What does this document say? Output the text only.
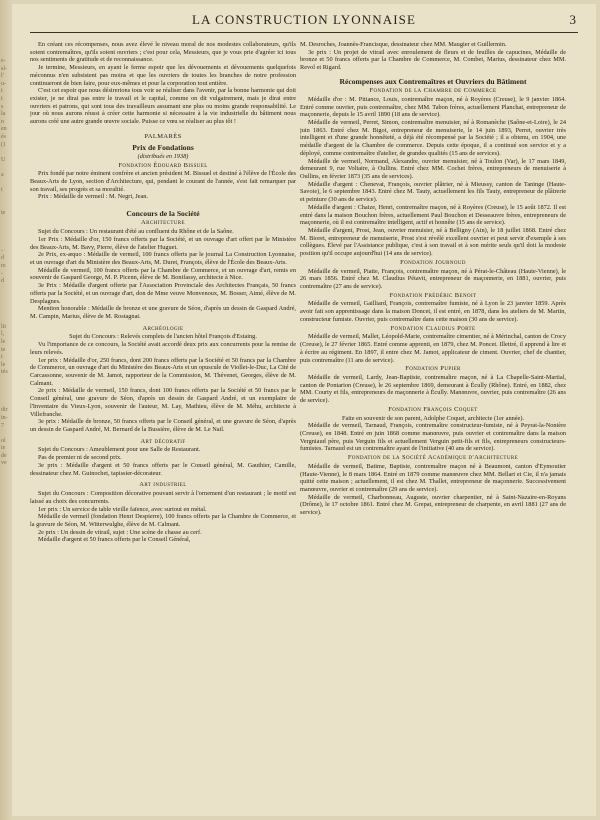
e-
sl-
l'
u-
t
t
s
la
n
en
és
(1

U

a

t

te

-
d
re
-
d

lit
l,
le
te
t
le
tés

dir
in-
7

ol
ie
de
ve
LA CONSTRUCTION LYONNAISE	3

En créant ces récompenses, nous avez élevé le niveau moral de nos modestes collaborateurs, qu'ils soient contremaîtres, qu'ils soient ouvriers ; c'est pour cela, Messieurs, que je vous prie d'agréer ici tous nos sentiments de gratitude et de reconnaissance.

Je termine, Messieurs, en ayant le ferme espoir que les dévouements et dévouements quelquefois méconnus n'en subsistent pas moins et que les ouvriers de toutes les branches de notre profession continueront de bien faire, pour eux-mêmes et pour la corporation tout entière.

C'est cet espoir que nous désirerions tous voir se réaliser dans l'avenir, par la bonne harmonie qui doit exister, je ne dirai pas entre le travail et le capital, comme on dit vulgairement, mais je dirai entre ouvriers et patrons, qui sont tous des travailleurs assumant une plus ou moins grande responsabilité. Le jour où nous aurons réussi à créer cette harmonie si nécessaire à la vie industrielle du bâtiment nous aurons créé une autre grande œuvre sociale. Puisse ce vœu se réaliser au plus tôt !

PALMARÈS
Prix de Fondations
(distribués en 1938)
Fondation Édouard Bissuel

Prix fondé par notre éminent confrère et ancien président M. Bissuel et destiné à l'élève de l'École des Beaux-Arts de Lyon, section d'Architecture, qui, pendant le courant de l'année, s'est fait remarquer par son travail, ses progrès et sa moralité.

Prix : Médaille de vermeil : M. Negri, Jean.

Concours de la Société
Architecture

Sujet du Concours : Un restaurant d'été au confluent du Rhône et de la Saône.

1er Prix : Médaille d'or, 150 francs offerts par la Société, et un ouvrage d'art offert par le Ministère des Beaux-Arts, M. Bavy, Pierre, élève de l'atelier Huguet.

2e Prix, ex-æquo : Médaille de vermeil, 100 francs offerts par le journal La Construction Lyonnaise, et un ouvrage d'art du Ministère des Beaux-Arts, M. Duret, François, élève de l'École des Beaux-Arts.

Médaille de vermeil, 100 francs offerts par la Chambre de Commerce, et un ouvrage d'art, remis en souvenir de Gaspard George, M. P. Picenn, élève de M. Bonifassy, architecte à Nice.

3e Prix : Médaille d'argent offerte par l'Association Provinciale des Architectes Français, 50 francs offerts par la Société, et un ouvrage d'art, don de Mme veuve Monvenoux, M. Bosser, Aimé, élève de M. Desplagnes.

Mention honorable : Médaille de bronze et une gravure de Séon, d'après un dessin de Gaspard André, M. Campin, Marius, élève de M. Rostagnat.

Archéologie

Sujet du Concours : Relevés complets de l'ancien hôtel François d'Estaing.

Vu l'importance de ce concours, la Société avait accordé deux prix aux concurrents pour la remise de leurs relevés.

1er prix : Médaille d'or, 250 francs, dont 200 francs offerts par la Société et 50 francs par la Chambre de Commerce, un ouvrage d'art du Ministère des Beaux-Arts et un opuscule de Viollet-le-Duc, La Cité de Carcassonne, souvenir de M. Jamot, rapporteur de la Commission, M. Thévenet, Georges, élève de M. Calmant.

2e prix : Médaille de vermeil, 150 francs, dont 100 francs offerts par la Société et 50 francs par le Conseil général, une gravure de Séon, d'après un dessin de Gaspard André, et un exemplaire de l'Inventaire du Vieux-Lyon, souvenir de l'auteur, M. Lay, Mathieu, élève de M. Méhu, architecte à Villefranche.

3e prix : Médaille de bronze, 50 francs offerts par le Conseil général, et une gravure de Séon, d'après un dessin de Gaspard André, M. Bernard de la Bussière, élève de M. Le Nail.

Art décoratif

Sujet du Concours : Ameublement pour une Salle de Restaurant.

Pas de premier ni de second prix.

3e prix : Médaille d'argent et 50 francs offerts par le Conseil général, M. Gauthier, Camille, dessinateur chez M. Guinochet, tapissier-décorateur.

Art industriel

Sujet du Concours : Composition décorative pouvant servir à l'ornement d'un restaurant ; le motif est laissé au choix des concurrents.

1er prix : Un service de table vieille faïence, avec surtout en métal.

Médaille de vermeil (fondation Henri Despierre), 100 francs offerts par la Chambre de Commerce, et la gravure de Séon, M. Witterwulghe, élève de M. Calmant.

2e prix : Un dessin de vitrail, sujet : Une scène de chasse au cerf.

Médaille d'argent et 50 francs offerts par le Conseil Général,

M. Desroches, Joannès-Francisque, dessinateur chez MM. Maugier et Guillermin.

3e prix : Un projet de vitrail avec enroulement de fleurs et de feuilles de capucines, Médaille de bronze et 50 francs offerts par la Chambre de Commerce, M. Combet, Marius, dessinateur chez MM. Revol et Rigard.

Récompenses aux Contremaîtres et Ouvriers du Bâtiment
Fondation de la Chambre de Commerce

Médaille d'or : M. Pitiance, Louis, contremaître maçon, né à Royères (Creuse), le 9 janvier 1864. Entré comme ouvrier, puis contremaître, chez MM. Tabon frères, actuellement Planchat, entrepreneur de maçonnerie, depuis le 15 avril 1890 (18 ans de service).

Médaille de vermeil, Perret, Simon, contremaître menuisier, né à Romanèche (Saône-et-Loire), le 24 juin 1863. Entré chez M. Bigot, entrepreneur de menuiserie, le 14 juin 1893, Perret, ouvrier très intelligent et d'une grande honnêteté, a déjà été récompensé par la Société ; il a obtenu, en 1904, une médaille d'argent de la Chambre de commerce. Depuis cette époque, il a continué son service et y a déployé, comme contremaître d'atelier, de grandes qualités (15 ans de services).

Médaille de vermeil, Normand, Alexandre, ouvrier menuisier, né à Toulon (Var), le 17 mars 1849, demeurant 9, rue Voltaire, à Oullins. Entré chez MM. Cochet frères, entrepreneurs de menuiserie à Oullins, en février 1873 (35 ans de services).

Médaille d'argent : Chenevat, François, ouvrier plâtrier, né à Mieussy, canton de Taninge (Haute-Savoie), le 6 septembre 1843. Entré chez M. Tauty, actuellement les fils Tauty, entrepreneur de plâtrerie et peinture (30 ans de service).

Médaille d'argent : Chaize, Henri, contremaître maçon, né à Royères (Creuse), le 15 août 1872. Il est entré dans la maison Bouchon frères, actuellement Paul Bouchon et Desseauvre frères, entrepreneurs de maçonnerie, où il est contremaître intelligent, actif et honnête (15 ans de service).

Médaille d'argent, Prost, Jean, ouvrier menuisier, né à Belligny (Ain), le 18 juillet 1868. Entré chez M. Bioret, entrepreneur de menuiserie, Prost s'est révélé excellent ouvrier et peut servir d'exemple à ses collègues. Élevé par l'Assistance publique, c'est à son travail et à son mérite seuls qu'il doit la modeste position qu'il occupe aujourd'hui (14 ans de service).

Fondation Journoud

Médaille de vermeil, Piatte, François, contremaître maçon, né à Pérat-le-Château (Haute-Vienne), le 26 mars 1856. Entré chez M. Claudius Pétavit, entrepreneur de maçonnerie, en 1881, ouvrier, puis contremaître (27 ans de service).

Fondation Frédéric Benoit

Médaille de vermeil, Gailliard, François, contremaître fumiste, né à Lyon le 23 janvier 1859. Après avoir fait son apprentissage dans la maison Doncet, il est entré, en 1878, dans les ateliers de M. Martin, constructeur fumiste. Ouvrier, puis contremaître dans cette maison (30 ans de service).

Fondation Claudius Porte

Médaille de vermeil, Mallet, Léopold-Marie, contremaître cimentier, né à Mérinchal, canton de Crocy (Creuse), le 27 février 1865. Entré comme apprenti, en 1879, chez M. Poncet. Illettré, il apprend à lire et à écrire au régiment. En 1897, il entre chez M. Jamot, applicateur de ciment. Ouvrier, chef de chantier, puis contremaître (11 ans de service).

Fondation Pupier

Médaille de vermeil, Lardy, Jean-Baptiste, contremaître maçon, né à La Chapelle-Saint-Martial, canton de Pontarion (Creuse), le 26 septembre 1869, demeurant à Écully (Rhône). Entré, en 1882, chez MM. Courty et fils, entrepreneurs de maçonnerie à Écully. Manœuvre, ouvrier, puis contremaître (26 ans de service).

Fondation François Coquet

Faite en souvenir de son parent, Adolphe Coquet, architecte (1er année).

Médaille de vermeil, Tarnaud, François, contremaître constructeur-fumiste, né à Peyrat-la-Nonière (Creuse), en 1848. Entré en juin 1868 comme manœuvre, puis ouvrier et contremaître dans la maison Vergniaud père, puis Verguin fils et actuellement Verguin petit-fils et fils, entrepreneurs constructeurs-fumistes. Tarnaud est un contremaître ayant de l'initiative (40 ans de service).

Fondation de la Société Académique d'Architecture

Médaille de vermeil, Batime, Baptiste, contremaître maçon né à Beaumont, canton d'Eymoutier (Haute-Vienne), le 8 mars 1864. Entré en 1879 comme manœuvre chez MM. Bellart et Cie, il n'a jamais quitté cette maison ; actuellement, il est chez M. Thallet, entrepreneur de maçonnerie. Successivement manœuvre, ouvrier et contremaître (29 ans de service).

Médaille de vermeil, Charbonneau, Auguste, ouvrier charpentier, né à Saint-Nazaire-en-Royans (Drôme), le 17 octobre 1861. Entré chez M. Grepat, entrepreneur de charpente, en avril 1881 (27 ans de service).
